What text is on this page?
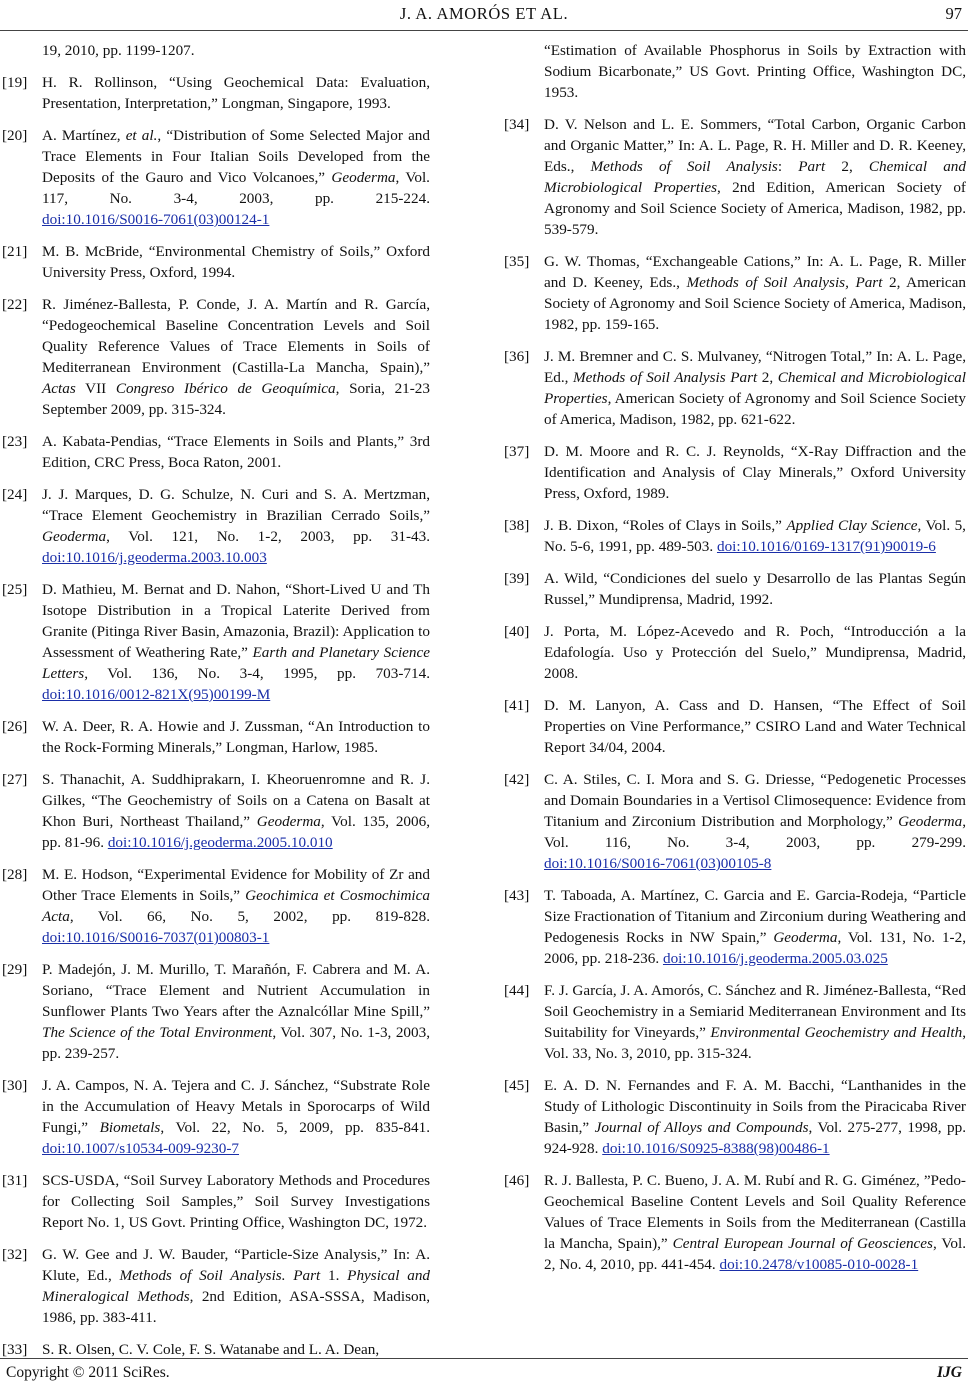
J. A. AMORÓS ET AL.	97
19, 2010, pp. 1199-1207.
[19] H. R. Rollinson, “Using Geochemical Data: Evaluation, Presentation, Interpretation,” Longman, Singapore, 1993.
[20] A. Martínez, et al., “Distribution of Some Selected Major and Trace Elements in Four Italian Soils Developed from the Deposits of the Gauro and Vico Volcanoes,” Geoderma, Vol. 117, No. 3-4, 2003, pp. 215-224. doi:10.1016/S0016-7061(03)00124-1
[21] M. B. McBride, “Environmental Chemistry of Soils,” Oxford University Press, Oxford, 1994.
[22] R. Jiménez-Ballesta, P. Conde, J. A. Martín and R. García, “Pedogeochemical Baseline Concentration Levels and Soil Quality Reference Values of Trace Elements in Soils of Mediterranean Environment (Castilla-La Mancha, Spain),” Actas VII Congreso Ibérico de Geoquímica, Soria, 21-23 September 2009, pp. 315-324.
[23] A. Kabata-Pendias, “Trace Elements in Soils and Plants,” 3rd Edition, CRC Press, Boca Raton, 2001.
[24] J. J. Marques, D. G. Schulze, N. Curi and S. A. Mertzman, “Trace Element Geochemistry in Brazilian Cerrado Soils,” Geoderma, Vol. 121, No. 1-2, 2003, pp. 31-43. doi:10.1016/j.geoderma.2003.10.003
[25] D. Mathieu, M. Bernat and D. Nahon, “Short-Lived U and Th Isotope Distribution in a Tropical Laterite Derived from Granite (Pitinga River Basin, Amazonia, Brazil): Application to Assessment of Weathering Rate,” Earth and Planetary Science Letters, Vol. 136, No. 3-4, 1995, pp. 703-714. doi:10.1016/0012-821X(95)00199-M
[26] W. A. Deer, R. A. Howie and J. Zussman, “An Introduction to the Rock-Forming Minerals,” Longman, Harlow, 1985.
[27] S. Thanachit, A. Suddhiprakarn, I. Kheoruenromne and R. J. Gilkes, “The Geochemistry of Soils on a Catena on Basalt at Khon Buri, Northeast Thailand,” Geoderma, Vol. 135, 2006, pp. 81-96. doi:10.1016/j.geoderma.2005.10.010
[28] M. E. Hodson, “Experimental Evidence for Mobility of Zr and Other Trace Elements in Soils,” Geochimica et Cosmochimica Acta, Vol. 66, No. 5, 2002, pp. 819-828. doi:10.1016/S0016-7037(01)00803-1
[29] P. Madejón, J. M. Murillo, T. Marañón, F. Cabrera and M. A. Soriano, “Trace Element and Nutrient Accumulation in Sunflower Plants Two Years after the Aznalcóllar Mine Spill,” The Science of the Total Environment, Vol. 307, No. 1-3, 2003, pp. 239-257.
[30] J. A. Campos, N. A. Tejera and C. J. Sánchez, “Substrate Role in the Accumulation of Heavy Metals in Sporocarps of Wild Fungi,” Biometals, Vol. 22, No. 5, 2009, pp. 835-841. doi:10.1007/s10534-009-9230-7
[31] SCS-USDA, “Soil Survey Laboratory Methods and Procedures for Collecting Soil Samples,” Soil Survey Investigations Report No. 1, US Govt. Printing Office, Washington DC, 1972.
[32] G. W. Gee and J. W. Bauder, “Particle-Size Analysis,” In: A. Klute, Ed., Methods of Soil Analysis. Part 1. Physical and Mineralogical Methods, 2nd Edition, ASA-SSSA, Madison, 1986, pp. 383-411.
[33] S. R. Olsen, C. V. Cole, F. S. Watanabe and L. A. Dean,
“Estimation of Available Phosphorus in Soils by Extraction with Sodium Bicarbonate,” US Govt. Printing Office, Washington DC, 1953.
[34] D. V. Nelson and L. E. Sommers, “Total Carbon, Organic Carbon and Organic Matter,” In: A. L. Page, R. H. Miller and D. R. Keeney, Eds., Methods of Soil Analysis: Part 2, Chemical and Microbiological Properties, 2nd Edition, American Society of Agronomy and Soil Science Society of America, Madison, 1982, pp. 539-579.
[35] G. W. Thomas, “Exchangeable Cations,” In: A. L. Page, R. Miller and D. Keeney, Eds., Methods of Soil Analysis, Part 2, American Society of Agronomy and Soil Science Society of America, Madison, 1982, pp. 159-165.
[36] J. M. Bremner and C. S. Mulvaney, “Nitrogen Total,” In: A. L. Page, Ed., Methods of Soil Analysis Part 2, Chemical and Microbiological Properties, American Society of Agronomy and Soil Science Society of America, Madison, 1982, pp. 621-622.
[37] D. M. Moore and R. C. J. Reynolds, “X-Ray Diffraction and the Identification and Analysis of Clay Minerals,” Oxford University Press, Oxford, 1989.
[38] J. B. Dixon, “Roles of Clays in Soils,” Applied Clay Science, Vol. 5, No. 5-6, 1991, pp. 489-503. doi:10.1016/0169-1317(91)90019-6
[39] A. Wild, “Condiciones del suelo y Desarrollo de las Plantas Según Russel,” Mundiprensa, Madrid, 1992.
[40] J. Porta, M. López-Acevedo and R. Poch, “Introducción a la Edafología. Uso y Protección del Suelo,” Mundiprensa, Madrid, 2008.
[41] D. M. Lanyon, A. Cass and D. Hansen, “The Effect of Soil Properties on Vine Performance,” CSIRO Land and Water Technical Report 34/04, 2004.
[42] C. A. Stiles, C. I. Mora and S. G. Driesse, “Pedogenetic Processes and Domain Boundaries in a Vertisol Climosequence: Evidence from Titanium and Zirconium Distribution and Morphology,” Geoderma, Vol. 116, No. 3-4, 2003, pp. 279-299. doi:10.1016/S0016-7061(03)00105-8
[43] T. Taboada, A. Martínez, C. Garcia and E. Garcia-Rodeja, “Particle Size Fractionation of Titanium and Zirconium during Weathering and Pedogenesis Rocks in NW Spain,” Geoderma, Vol. 131, No. 1-2, 2006, pp. 218-236. doi:10.1016/j.geoderma.2005.03.025
[44] F. J. García, J. A. Amorós, C. Sánchez and R. Jiménez-Ballesta, “Red Soil Geochemistry in a Semiarid Mediterranean Environment and Its Suitability for Vineyards,” Environmental Geochemistry and Health, Vol. 33, No. 3, 2010, pp. 315-324.
[45] E. A. D. N. Fernandes and F. A. M. Bacchi, “Lanthanides in the Study of Lithologic Discontinuity in Soils from the Piracicaba River Basin,” Journal of Alloys and Compounds, Vol. 275-277, 1998, pp. 924-928. doi:10.1016/S0925-8388(98)00486-1
[46] R. J. Ballesta, P. C. Bueno, J. A. M. Rubí and R. G. Giménez, ”Pedo-Geochemical Baseline Content Levels and Soil Quality Reference Values of Trace Elements in Soils from the Mediterranean (Castilla la Mancha, Spain),” Central European Journal of Geosciences, Vol. 2, No. 4, 2010, pp. 441-454. doi:10.2478/v10085-010-0028-1
Copyright © 2011 SciRes.	IJG
